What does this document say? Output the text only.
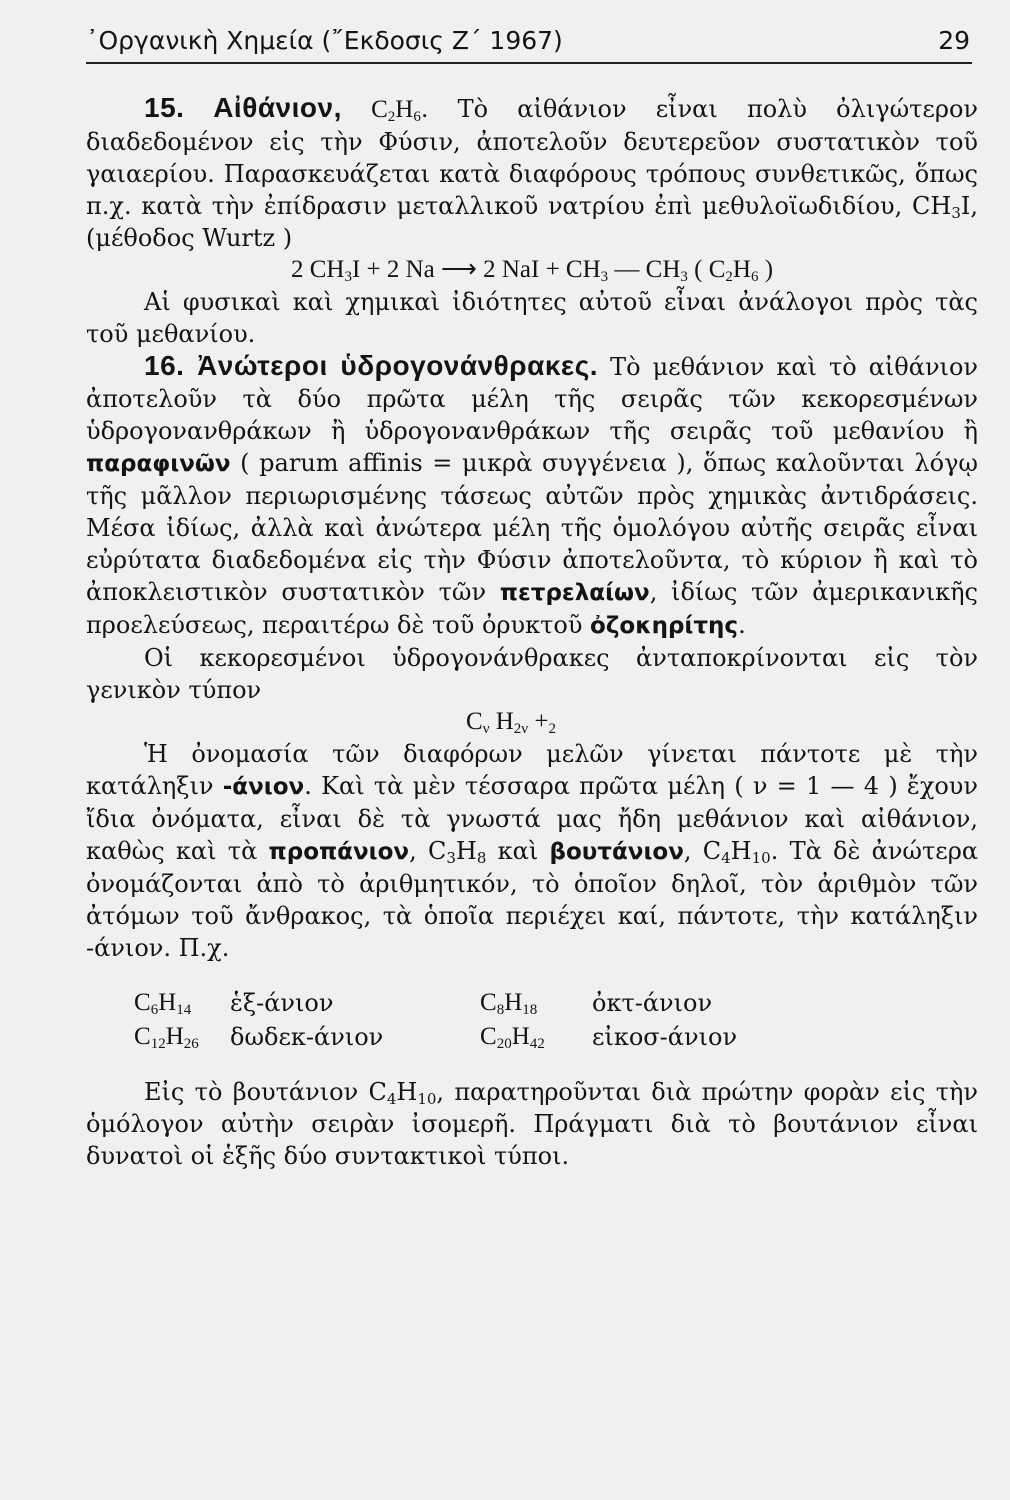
᾿Οργανικὴ Χημεία (῎Εκδοσις Ζ΄ 1967)	29

15. Αἰθάνιον, $C_2H_6$. Τὸ αἰθάνιον εἶναι πολὺ ὀλιγώτερον διαδεδομένον εἰς τὴν Φύσιν, ἀποτελοῦν δευτερεῦον συστατικὸν τοῦ γαιαερίου. Παρασκευάζεται κατὰ διαφόρους τρόπους συνθετικῶς, ὅπως π.χ. κατὰ τὴν ἐπίδρασιν μεταλλικοῦ νατρίου ἐπὶ μεθυλοϊωδιδίου, $CH_3I$, (μέθοδος Wurtz )

2 $CH_3I + 2$ Na ⟶ 2 NaI + $CH_3$ — $CH_3$ ( $C_2H_6$ )

Αἱ φυσικαὶ καὶ χημικαὶ ἰδιότητες αὐτοῦ εἶναι ἀνάλογοι πρὸς τὰς τοῦ μεθανίου.

16. Ἀνώτεροι ὑδρογονάνθρακες. Τὸ μεθάνιον καὶ τὸ αἰθάνιον ἀποτελοῦν τὰ δύο πρῶτα μέλη τῆς σειρᾶς τῶν κεκορεσμένων ὑδρογονανθράκων ἢ ὑδρογονανθράκων τῆς σειρᾶς τοῦ μεθανίου ἢ παραφινῶν ( parum affinis = μικρὰ συγγένεια ), ὅπως καλοῦνται λόγῳ τῆς μᾶλλον περιωρισμένης τάσεως αὐτῶν πρὸς χημικὰς ἀντιδράσεις. Μέσα ἰδίως, ἀλλὰ καὶ ἀνώτερα μέλη τῆς ὁμολόγου αὐτῆς σειρᾶς εἶναι εὐρύτατα διαδεδομένα εἰς τὴν Φύσιν ἀποτελοῦντα, τὸ κύριον ἢ καὶ τὸ ἀποκλειστικὸν συστατικὸν τῶν πετρελαίων, ἰδίως τῶν ἀμερικανικῆς προελεύσεως, περαιτέρω δὲ τοῦ ὀρυκτοῦ ὀζοκηρίτης.

Οἱ κεκορεσμένοι ὑδρογονάνθρακες ἀνταποκρίνονται εἰς τὸν γενικὸν τύπον

$C_\nu$ $H_{2\nu} +_2$

Ἡ ὀνομασία τῶν διαφόρων μελῶν γίνεται πάντοτε μὲ τὴν κατάληξιν -άνιον. Καὶ τὰ μὲν τέσσαρα πρῶτα μέλη ( ν = 1 — 4 ) ἔχουν ἴδια ὀνόματα, εἶναι δὲ τὰ γνωστά μας ἤδη μεθάνιον καὶ αἰθάνιον, καθὼς καὶ τὰ προπάνιον, $C_3H_8$ καὶ βουτάνιον, $C_4H_{10}$. Τὰ δὲ ἀνώτερα ὀνομάζονται ἀπὸ τὸ ἀριθμητικόν, τὸ ὁποῖον δηλοῖ, τὸν ἀριθμὸν τῶν ἀτόμων τοῦ ἄνθρακος, τὰ ὁποῖα περιέχει καί, πάντοτε, τὴν κατάληξιν -άνιον. Π.χ.

	$C_6H_{14}$	ἑξ-άνιον	$C_8H_{18}$	ὀκτ-άνιον
	$C_{12}H_{26}$	δωδεκ-άνιον	$C_{20}H_{42}$	εἰκοσ-άνιον

Εἰς τὸ βουτάνιον $C_4H_{10}$, παρατηροῦνται διὰ πρώτην φορὰν εἰς τὴν ὁμόλογον αὐτὴν σειρὰν ἰσομερῆ. Πράγματι διὰ τὸ βουτάνιον εἶναι δυνατοὶ οἱ ἑξῆς δύο συντακτικοὶ τύποι.
